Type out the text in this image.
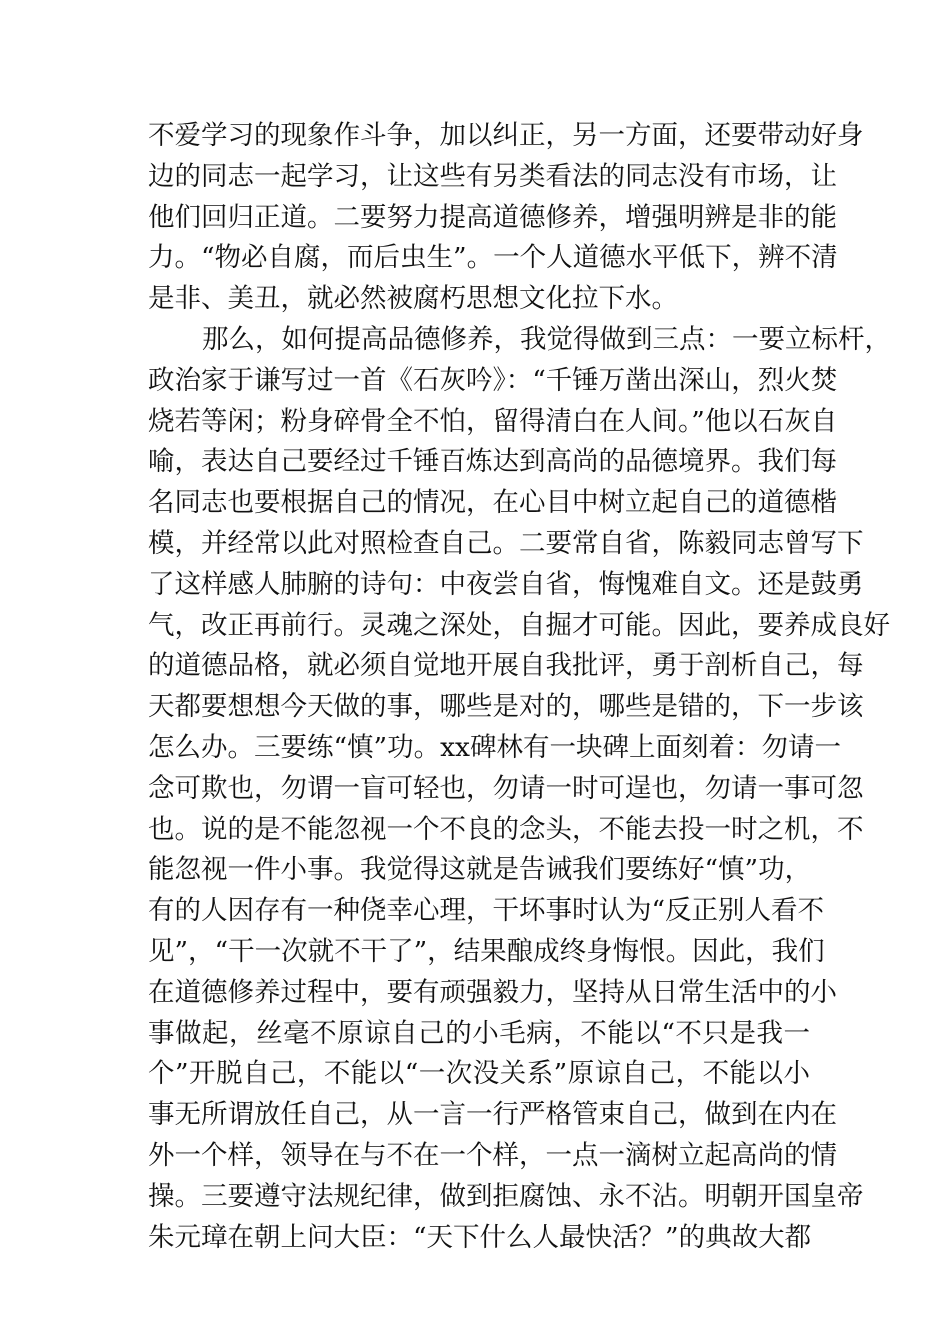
不爱学习的现象作斗争，加以纠正，另一方面，还要带动好身
边的同志一起学习，让这些有另类看法的同志没有市场，让
他们回归正道。二要努力提高道德修养，增强明辨是非的能
力。“物必自腐，而后虫生”。一个人道德水平低下，辨不清
是非、美丑，就必然被腐朽思想文化拉下水。
那么，如何提高品德修养，我觉得做到三点：一要立标杆，
政治家于谦写过一首《石灰吟》：“千锤万凿出深山，烈火焚
烧若等闲；粉身碎骨全不怕，留得清白在人间。”他以石灰自
喻，表达自己要经过千锤百炼达到高尚的品德境界。我们每
名同志也要根据自己的情况，在心目中树立起自己的道德楷
模，并经常以此对照检查自己。二要常自省，陈毅同志曾写下
了这样感人肺腑的诗句：中夜尝自省，悔愧难自文。还是鼓勇
气，改正再前行。灵魂之深处，自掘才可能。因此，要养成良好
的道德品格，就必须自觉地开展自我批评，勇于剖析自己，每
天都要想想今天做的事，哪些是对的，哪些是错的，下一步该
怎么办。三要练“慎”功。xx碑林有一块碑上面刻着：勿请一
念可欺也，勿谓一盲可轻也，勿请一时可逞也，勿请一事可忽
也。说的是不能忽视一个不良的念头，不能去投一时之机，不
能忽视一件小事。我觉得这就是告诫我们要练好“慎”功，
有的人因存有一种侥幸心理，干坏事时认为“反正别人看不
见”，“干一次就不干了”，结果酿成终身悔恨。因此，我们
在道德修养过程中，要有顽强毅力，坚持从日常生活中的小
事做起，丝毫不原谅自己的小毛病，不能以“不只是我一
个”开脱自己，不能以“一次没关系”原谅自己，不能以小
事无所谓放任自己，从一言一行严格管束自己，做到在内在
外一个样，领导在与不在一个样，一点一滴树立起高尚的情
操。三要遵守法规纪律，做到拒腐蚀、永不沾。明朝开国皇帝
朱元璋在朝上问大臣：“天下什么人最快活？”的典故大都
